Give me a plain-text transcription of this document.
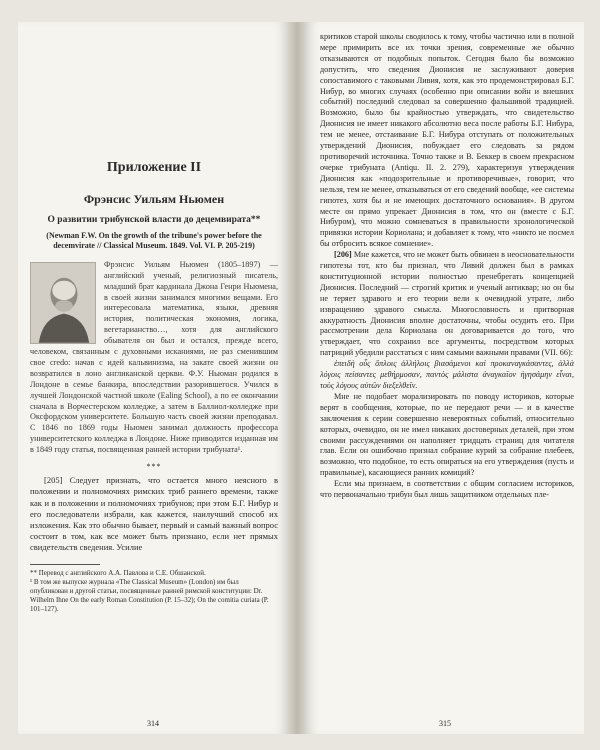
Приложение II
Фрэнсис Уильям Ньюмен
О развитии трибунской власти до децемвирата**
(Newman F.W. On the growth of the tribune's power before the decemvirate // Classical Museum. 1849. Vol. VI. P. 205-219)

Фрэнсис Уильям Ньюмен (1805–1897) — английский ученый, религиозный писатель, младший брат кардинала Джона Генри Ньюмена, в своей жизни занимался многими вещами. Его интересовала математика, языки, древняя история, политическая экономия, логика, вегетарианство…, хотя для английского обывателя он был и остался, прежде всего, человеком, связанным с духовными исканиями, не раз сменившим свое credo: начав с идей кальвинизма, на закате своей жизни он возвратился в лоно англиканской церкви. Ф.У. Ньюман родился в Лондоне в семье банкира, впоследствии разорившегося. Учился в лучшей Лондонской частной школе (Ealing School), а по ее окончании сначала в Ворчестерском колледже, а затем в Баллиол-колледже при Оксфордском университете. Большую часть своей жизни преподавал. С 1846 по 1869 годы Ньюмен занимал должность профессора университетского колледжа в Лондоне. Ниже приводится изданная им в 1849 году статья, посвященная ранней истории трибуната¹.

***

[205] Следует признать, что остается много неясного в положении и полномочиях римских триб раннего времени, также как и в положении и полномочиях трибунов; при этом Б.Г. Нибур и его последователи избрали, как кажется, наилучший способ их изложения. Как это обычно бывает, первый и самый важный вопрос состоит в том, как все может быть признано, если нет прямых свидетельств сведения. Усилие

** Перевод с английского А.А. Павлова и С.Е. Обшанской.

¹ В том же выпуске журнала «The Classical Museum» (London) им был опубликован и другой статьи, посвященные ранней римской конституции: Dr. Wilhelm Ihne On the early Roman Constitution (P. 15–32); On the comitia curiata (P. 101–127).

314

критиков старой школы сводилось к тому, чтобы частично или в полной мере примирить все их точки зрения, современные же обычно отказываются от подобных попыток. Сегодня было бы возможно допустить, что сведения Дионисия не заслуживают доверия сопоставимого с таковыми Ливия, хотя, как это продемонстрировал Б.Г. Нибур, во многих случаях (особенно при описании войн и внешних событий) последний следовал за совершенно фальшивой традицией. Возможно, было бы крайностью утверждать, что свидетельство Дионисия не имеет никакого абсолютно веса после работы Б.Г. Нибура, тем не менее, отстаивание Б.Г. Нибура отступать от положительных утверждений Дионисия, побуждает его следовать за рядом противоречий источника. Точно также и В. Беккер в своем прекрасном очерке трибуната (Antiqu. II. 2. 279), характеризуя утверждения Дионисия как «подозрительные и противоречивые», говорит, что нельзя, тем не менее, отказываться от его сведений вообще, «ее системы гипотез, хотя бы и не имеющих достаточного основания». В другом месте он прямо упрекает Дионисия в том, что он (вместе с Б.Г. Нибуром), что можно сомневаться в правильности хронологической привязки истории Кориолана; и добавляет к тому, что «никто не посмел бы отбросить всякое сомнение».

[206] Мне кажется, что не может быть обвинен в неосновательности гипотезы тот, кто бы признал, что Ливий должен был в рамках конституционной истории полностью пренебрегать концепцией Дионисия. Последний — строгий критик и ученый антиквар; но он бы не теряет здравого и его теории вели к очевидной утрате, либо извращению здравого смысла. Многословность и притворная аккуратность Дионисия вполне достаточны, чтобы осудить его. При рассмотрении дела Кориолана он договаривается до того, что утверждает, что сохранил все аргументы, посредством которых патриций убедили расстаться с ним самыми важными правами (VII. 66):

ἐπειδὴ οὖς ὅπλοις ἀλλήλοις βιασάμενοι καὶ προκαναγκάσαντες, ἀλλὰ λόγοις πείσαντες μεθήρμοσαν, παντὸς μάλιστα ἀναγκαῖον ἡγησάμην εἶναι, τοὺς λόγους αὐτῶν διεξελθεῖν.

Мне не подобает морализировать по поводу историков, которые верят в сообщения, которые, по не передают речи — и в качестве заключения к серии совершенно невероятных событий, относительно которых, очевидно, он не имел никаких достоверных деталей, при этом своими рассуждениями он наполняет тридцать страниц для читателя глав. Если он ошибочно признал собрание курий за собрание плебеев, возможно, что подобное, то есть опираться на его утверждения (пусть и правильные), касающиеся ранних комиций?

Если мы признаем, в соответствии с общим согласием историков, что первоначально трибун был лишь защитником отдельных пле-

315
